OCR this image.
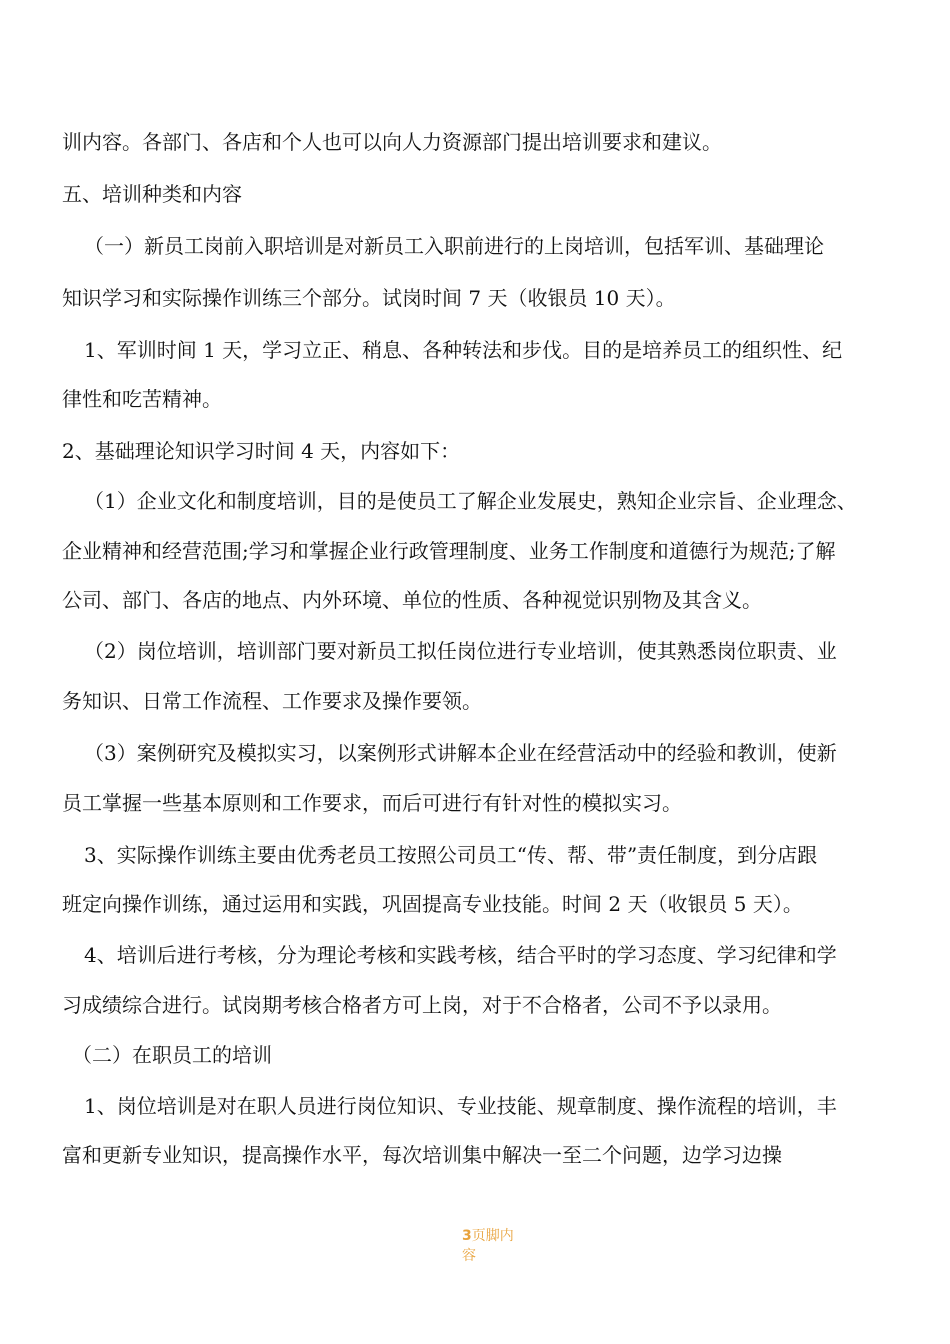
训内容。各部门、各店和个人也可以向人力资源部门提出培训要求和建议。
五、培训种类和内容
（一）新员工岗前入职培训是对新员工入职前进行的上岗培训，包括军训、基础理论
知识学习和实际操作训练三个部分。试岗时间 7 天（收银员 10 天）。
1、军训时间 1 天，学习立正、稍息、各种转法和步伐。目的是培养员工的组织性、纪
律性和吃苦精神。
2、基础理论知识学习时间 4 天，内容如下：
（1）企业文化和制度培训，目的是使员工了解企业发展史，熟知企业宗旨、企业理念、
企业精神和经营范围;学习和掌握企业行政管理制度、业务工作制度和道德行为规范;了解
公司、部门、各店的地点、内外环境、单位的性质、各种视觉识别物及其含义。
（2）岗位培训，培训部门要对新员工拟任岗位进行专业培训，使其熟悉岗位职责、业
务知识、日常工作流程、工作要求及操作要领。
（3）案例研究及模拟实习，以案例形式讲解本企业在经营活动中的经验和教训，使新
员工掌握一些基本原则和工作要求，而后可进行有针对性的模拟实习。
3、实际操作训练主要由优秀老员工按照公司员工“传、帮、带”责任制度，到分店跟
班定向操作训练，通过运用和实践，巩固提高专业技能。时间 2 天（收银员 5 天）。
4、培训后进行考核，分为理论考核和实践考核，结合平时的学习态度、学习纪律和学
习成绩综合进行。试岗期考核合格者方可上岗，对于不合格者，公司不予以录用。
（二）在职员工的培训
1、岗位培训是对在职人员进行岗位知识、专业技能、规章制度、操作流程的培训，丰
富和更新专业知识，提高操作水平，每次培训集中解决一至二个问题，边学习边操
3页脚内
容
